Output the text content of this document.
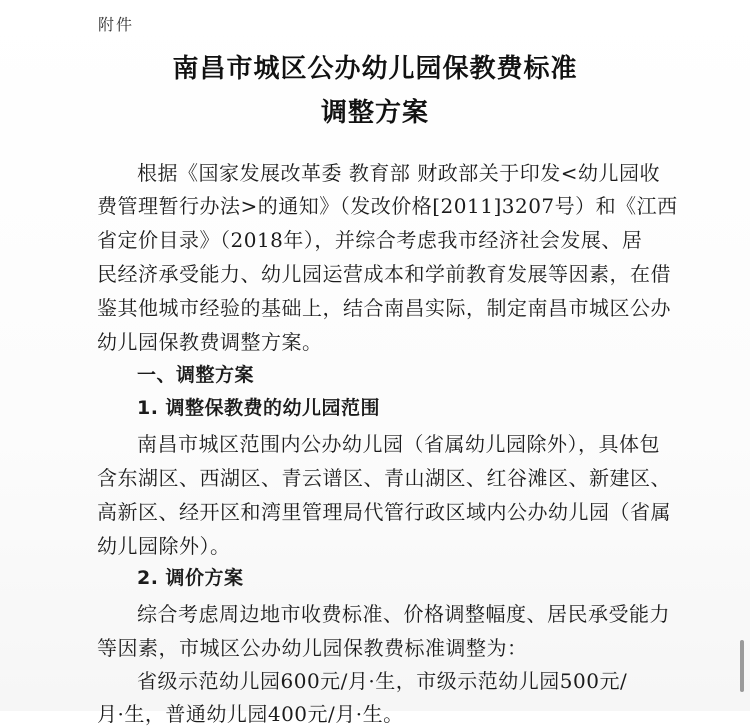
附件
南昌市城区公办幼儿园保教费标准
调整方案
根据《国家发展改革委 教育部 财政部关于印发<幼儿园收
费管理暂行办法>的通知》（发改价格[2011]3207号）和《江西
省定价目录》（2018年），并综合考虑我市经济社会发展、居
民经济承受能力、幼儿园运营成本和学前教育发展等因素，在借
鉴其他城市经验的基础上，结合南昌实际，制定南昌市城区公办
幼儿园保教费调整方案。
一、调整方案
1. 调整保教费的幼儿园范围
南昌市城区范围内公办幼儿园（省属幼儿园除外），具体包
含东湖区、西湖区、青云谱区、青山湖区、红谷滩区、新建区、
高新区、经开区和湾里管理局代管行政区域内公办幼儿园（省属
幼儿园除外）。
2. 调价方案
综合考虑周边地市收费标准、价格调整幅度、居民承受能力
等因素，市城区公办幼儿园保教费标准调整为：
省级示范幼儿园600元/月·生，市级示范幼儿园500元/
月·生，普通幼儿园400元/月·生。
